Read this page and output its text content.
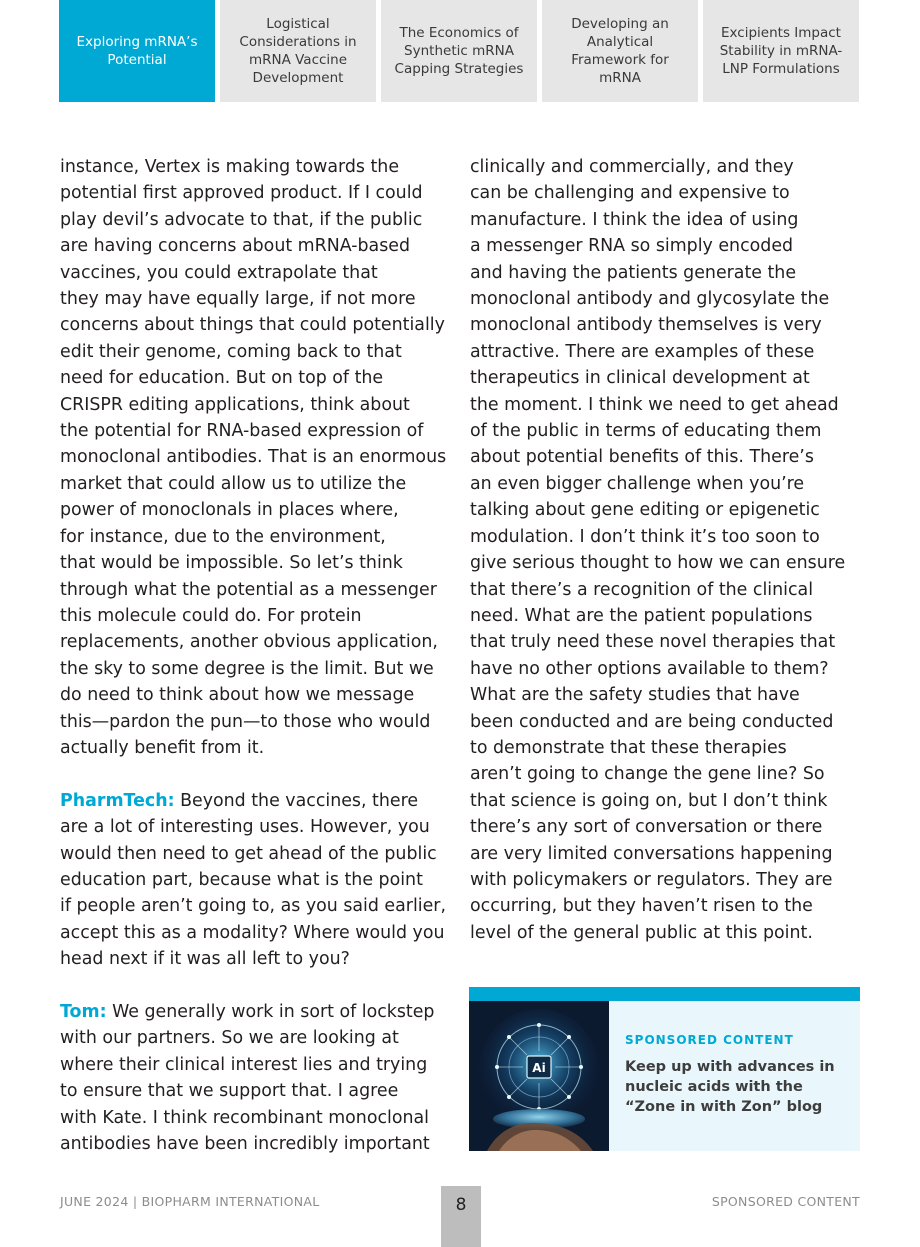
Exploring mRNA’s Potential
Logistical Considerations in mRNA Vaccine Development
The Economics of Synthetic mRNA Capping Strategies
Developing an Analytical Framework for mRNA
Excipients Impact Stability in mRNA-LNP Formulations

instance, Vertex is making towards the
potential first approved product. If I could
play devil’s advocate to that, if the public
are having concerns about mRNA-based
vaccines, you could extrapolate that
they may have equally large, if not more
concerns about things that could potentially
edit their genome, coming back to that
need for education. But on top of the
CRISPR editing applications, think about
the potential for RNA-based expression of
monoclonal antibodies. That is an enormous
market that could allow us to utilize the
power of monoclonals in places where,
for instance, due to the environment,
that would be impossible. So let’s think
through what the potential as a messenger
this molecule could do. For protein
replacements, another obvious application,
the sky to some degree is the limit. But we
do need to think about how we message
this—pardon the pun—to those who would
actually benefit from it.

PharmTech: Beyond the vaccines, there
are a lot of interesting uses. However, you
would then need to get ahead of the public
education part, because what is the point
if people aren’t going to, as you said earlier,
accept this as a modality? Where would you
head next if it was all left to you?

Tom: We generally work in sort of lockstep
with our partners. So we are looking at
where their clinical interest lies and trying
to ensure that we support that. I agree
with Kate. I think recombinant monoclonal
antibodies have been incredibly important

clinically and commercially, and they
can be challenging and expensive to
manufacture. I think the idea of using
a messenger RNA so simply encoded
and having the patients generate the
monoclonal antibody and glycosylate the
monoclonal antibody themselves is very
attractive. There are examples of these
therapeutics in clinical development at
the moment. I think we need to get ahead
of the public in terms of educating them
about potential benefits of this. There’s
an even bigger challenge when you’re
talking about gene editing or epigenetic
modulation. I don’t think it’s too soon to
give serious thought to how we can ensure
that there’s a recognition of the clinical
need. What are the patient populations
that truly need these novel therapies that
have no other options available to them?
What are the safety studies that have
been conducted and are being conducted
to demonstrate that these therapies
aren’t going to change the gene line? So
that science is going on, but I don’t think
there’s any sort of conversation or there
are very limited conversations happening
with policymakers or regulators. They are
occurring, but they haven’t risen to the
level of the general public at this point.

Ai
SPONSORED CONTENT
Keep up with advances in nucleic acids with the “Zone in with Zon” blog
JUNE 2024 | BIOPHARM INTERNATIONAL	8	SPONSORED CONTENT
